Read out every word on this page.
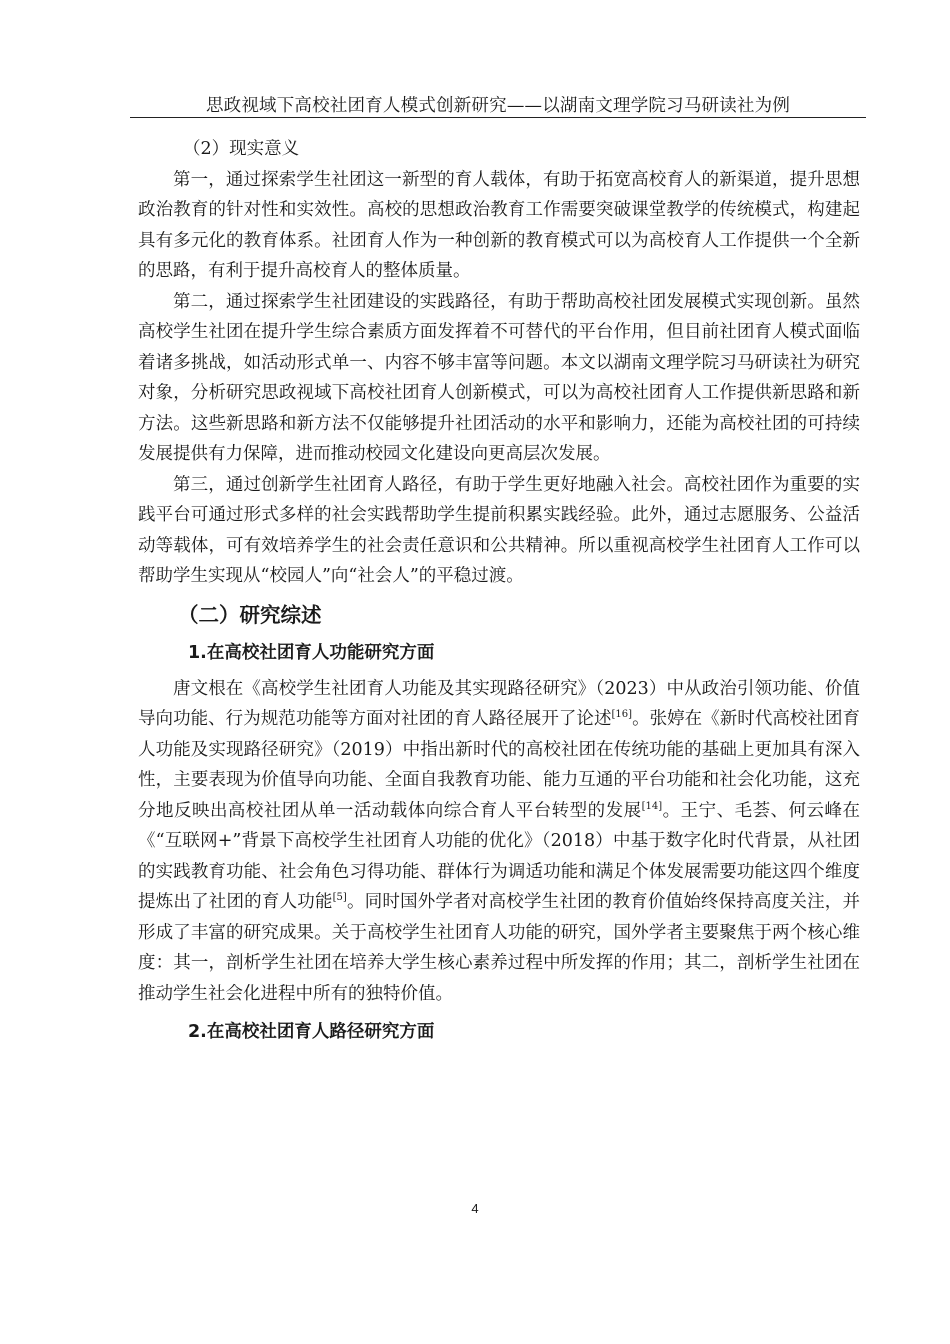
思政视域下高校社团育人模式创新研究——以湖南文理学院习马研读社为例

（2）现实意义

第一，通过探索学生社团这一新型的育人载体，有助于拓宽高校育人的新渠道，提升思想政治教育的针对性和实效性。高校的思想政治教育工作需要突破课堂教学的传统模式，构建起具有多元化的教育体系。社团育人作为一种创新的教育模式可以为高校育人工作提供一个全新的思路，有利于提升高校育人的整体质量。

第二，通过探索学生社团建设的实践路径，有助于帮助高校社团发展模式实现创新。虽然高校学生社团在提升学生综合素质方面发挥着不可替代的平台作用，但目前社团育人模式面临着诸多挑战，如活动形式单一、内容不够丰富等问题。本文以湖南文理学院习马研读社为研究对象，分析研究思政视域下高校社团育人创新模式，可以为高校社团育人工作提供新思路和新方法。这些新思路和新方法不仅能够提升社团活动的水平和影响力，还能为高校社团的可持续发展提供有力保障，进而推动校园文化建设向更高层次发展。

第三，通过创新学生社团育人路径，有助于学生更好地融入社会。高校社团作为重要的实践平台可通过形式多样的社会实践帮助学生提前积累实践经验。此外，通过志愿服务、公益活动等载体，可有效培养学生的社会责任意识和公共精神。所以重视高校学生社团育人工作可以帮助学生实现从“校园人”向“社会人”的平稳过渡。

（二）研究综述
1.在高校社团育人功能研究方面

唐文根在《高校学生社团育人功能及其实现路径研究》（2023）中从政治引领功能、价值导向功能、行为规范功能等方面对社团的育人路径展开了论述[16]。张婷在《新时代高校社团育人功能及实现路径研究》（2019）中指出新时代的高校社团在传统功能的基础上更加具有深入性，主要表现为价值导向功能、全面自我教育功能、能力互通的平台功能和社会化功能，这充分地反映出高校社团从单一活动载体向综合育人平台转型的发展[14]。王宁、毛荟、何云峰在《“互联网+”背景下高校学生社团育人功能的优化》（2018）中基于数字化时代背景，从社团的实践教育功能、社会角色习得功能、群体行为调适功能和满足个体发展需要功能这四个维度提炼出了社团的育人功能[5]。同时国外学者对高校学生社团的教育价值始终保持高度关注，并形成了丰富的研究成果。关于高校学生社团育人功能的研究，国外学者主要聚焦于两个核心维度：其一，剖析学生社团在培养大学生核心素养过程中所发挥的作用；其二，剖析学生社团在推动学生社会化进程中所有的独特价值。

2.在高校社团育人路径研究方面
4
